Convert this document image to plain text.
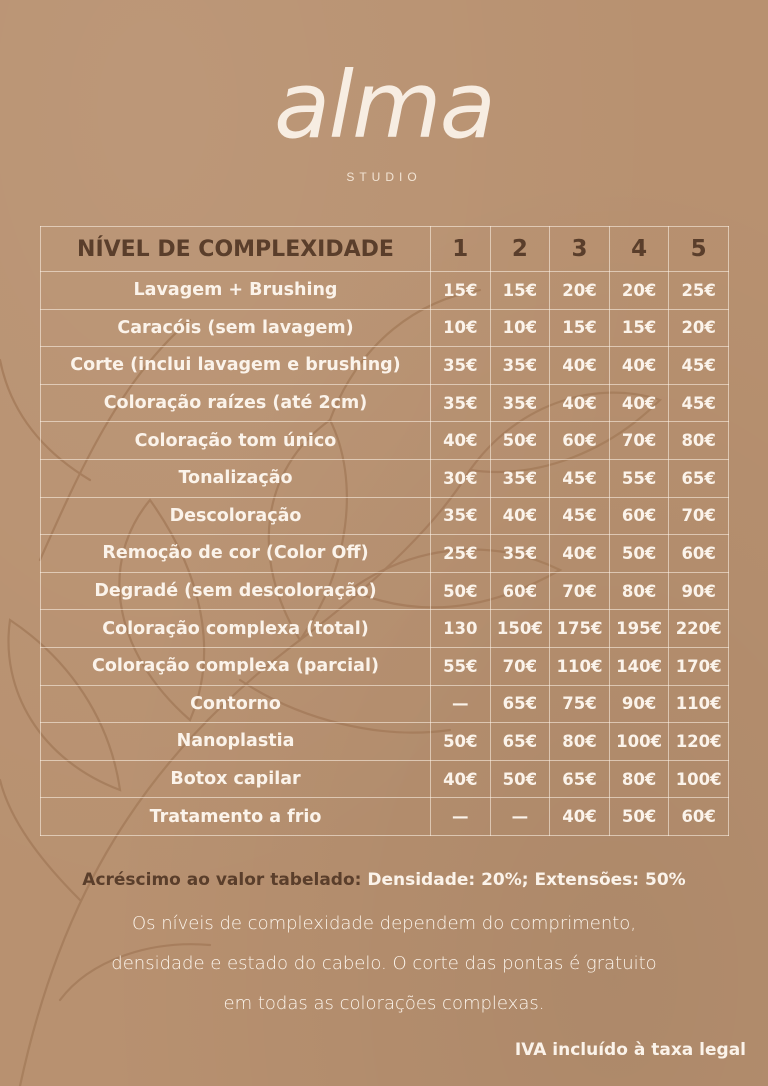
alma
STUDIO
NÍVEL DE COMPLEXIDADE	1	2	3	4	5
Lavagem + Brushing	15€	15€	20€	20€	25€
Caracóis (sem lavagem)	10€	10€	15€	15€	20€
Corte (inclui lavagem e brushing)	35€	35€	40€	40€	45€
Coloração raízes (até 2cm)	35€	35€	40€	40€	45€
Coloração tom único	40€	50€	60€	70€	80€
Tonalização	30€	35€	45€	55€	65€
Descoloração	35€	40€	45€	60€	70€
Remoção de cor (Color Off)	25€	35€	40€	50€	60€
Degradé (sem descoloração)	50€	60€	70€	80€	90€
Coloração complexa (total)	130	150€	175€	195€	220€
Coloração complexa (parcial)	55€	70€	110€	140€	170€
Contorno	—	65€	75€	90€	110€
Nanoplastia	50€	65€	80€	100€	120€
Botox capilar	40€	50€	65€	80€	100€
Tratamento a frio	—	—	40€	50€	60€
Acréscimo ao valor tabelado: Densidade: 20%; Extensões: 50%
Os níveis de complexidade dependem do comprimento,
densidade e estado do cabelo. O corte das pontas é gratuito
em todas as colorações complexas.
IVA incluído à taxa legal
